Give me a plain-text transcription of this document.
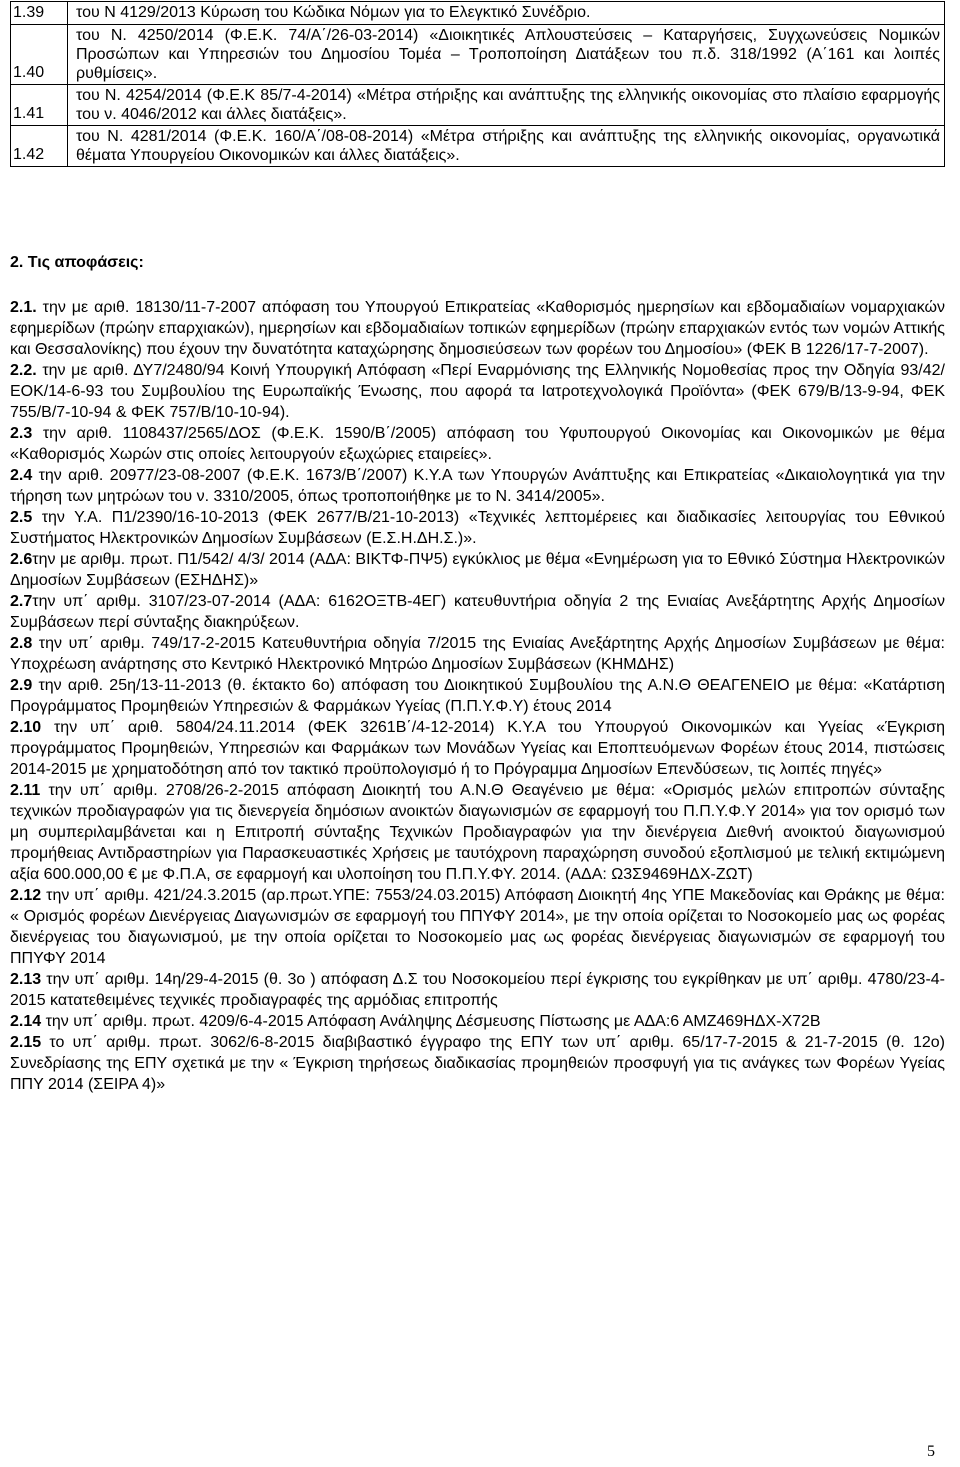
1.39	του Ν 4129/2013 Κύρωση του Κώδικα Νόμων για το Ελεγκτικό Συνέδριο.
1.40	του Ν. 4250/2014 (Φ.Ε.Κ. 74/Α΄/26-03-2014) «Διοικητικές Απλουστεύσεις – Καταργήσεις, Συγχωνεύσεις Νομικών Προσώπων και Υπηρεσιών του Δημοσίου Τομέα – Τροποποίηση Διατάξεων του π.δ. 318/1992 (Α΄161 και λοιπές ρυθμίσεις».
1.41	του Ν. 4254/2014 (Φ.Ε.Κ 85/7-4-2014) «Μέτρα στήριξης και ανάπτυξης της ελληνικής οικονομίας στο πλαίσιο εφαρμογής του ν. 4046/2012 και άλλες διατάξεις».
1.42	του Ν. 4281/2014 (Φ.Ε.Κ. 160/Α΄/08-08-2014) «Μέτρα στήριξης και ανάπτυξης της ελληνικής οικονομίας, οργανωτικά θέματα Υπουργείου Οικονομικών και άλλες διατάξεις».

2. Τις αποφάσεις:

2.1. την με αριθ. 18130/11-7-2007 απόφαση του Υπουργού Επικρατείας «Καθορισμός ημερησίων και εβδομαδιαίων νομαρχιακών εφημερίδων (πρώην επαρχιακών), ημερησίων και εβδομαδιαίων τοπικών εφημερίδων (πρώην επαρχιακών εντός των νομών Αττικής και Θεσσαλονίκης) που έχουν την δυνατότητα καταχώρησης δημοσιεύσεων των φορέων του Δημοσίου» (ΦΕΚ Β 1226/17-7-2007).

2.2. την με αριθ. ΔΥ7/2480/94 Κοινή Υπουργική Απόφαση «Περί Εναρμόνισης της Ελληνικής Νομοθεσίας προς την Οδηγία 93/42/ΕΟΚ/14-6-93 του Συμβουλίου της Ευρωπαϊκής Ένωσης, που αφορά τα Ιατροτεχνολογικά Προϊόντα» (ΦΕΚ 679/Β/13-9-94, ΦΕΚ 755/Β/7-10-94 & ΦΕΚ 757/Β/10-10-94).

2.3 την αριθ. 1108437/2565/ΔΟΣ (Φ.Ε.Κ. 1590/Β΄/2005) απόφαση του Υφυπουργού Οικονομίας και Οικονομικών με θέμα «Καθορισμός Χωρών στις οποίες λειτουργούν εξωχώριες εταιρείες».

2.4 την αριθ. 20977/23-08-2007 (Φ.Ε.Κ. 1673/Β΄/2007) Κ.Υ.Α των Υπουργών Ανάπτυξης και Επικρατείας «Δικαιολογητικά για την τήρηση των μητρώων του ν. 3310/2005, όπως τροποποιήθηκε με το Ν. 3414/2005».

2.5 την Υ.Α. Π1/2390/16-10-2013 (ΦΕΚ 2677/Β/21-10-2013) «Τεχνικές λεπτομέρειες και διαδικασίες λειτουργίας του Εθνικού Συστήματος Ηλεκτρονικών Δημοσίων Συμβάσεων (Ε.Σ.Η.ΔΗ.Σ.)».

2.6την με αριθμ. πρωτ. Π1/542/ 4/3/ 2014 (ΑΔΑ: ΒΙΚΤΦ-ΠΨ5) εγκύκλιος με θέμα «Ενημέρωση για το Εθνικό Σύστημα Ηλεκτρονικών Δημοσίων Συμβάσεων (ΕΣΗΔΗΣ)»

2.7την υπ΄ αριθμ. 3107/23-07-2014 (ΑΔΑ: 6162ΟΞΤΒ-4ΕΓ) κατευθυντήρια οδηγία 2 της Ενιαίας Ανεξάρτητης Αρχής Δημοσίων Συμβάσεων περί σύνταξης διακηρύξεων.

2.8 την υπ΄ αριθμ. 749/17-2-2015 Κατευθυντήρια οδηγία 7/2015 της Ενιαίας Ανεξάρτητης Αρχής Δημοσίων Συμβάσεων με θέμα: Υποχρέωση ανάρτησης στο Κεντρικό Ηλεκτρονικό Μητρώο Δημοσίων Συμβάσεων (ΚΗΜΔΗΣ)

2.9 την αριθ. 25η/13-11-2013 (θ. έκτακτο 6ο) απόφαση του Διοικητικού Συμβουλίου της Α.Ν.Θ ΘΕΑΓΕΝΕΙΟ με θέμα: «Κατάρτιση Προγράμματος Προμηθειών Υπηρεσιών & Φαρμάκων Υγείας (Π.Π.Υ.Φ.Υ) έτους 2014

2.10 την υπ΄ αριθ. 5804/24.11.2014 (ΦΕΚ 3261Β΄/4-12-2014) Κ.Υ.Α του Υπουργού Οικονομικών και Υγείας «Έγκριση προγράμματος Προμηθειών, Υπηρεσιών και Φαρμάκων των Μονάδων Υγείας και Εποπτευόμενων Φορέων έτους 2014, πιστώσεις 2014-2015 με χρηματοδότηση από τον τακτικό προϋπολογισμό ή το Πρόγραμμα Δημοσίων Επενδύσεων, τις λοιπές πηγές»

2.11 την υπ΄ αριθμ. 2708/26-2-2015 απόφαση Διοικητή του Α.Ν.Θ Θεαγένειο με θέμα: «Ορισμός μελών επιτροπών σύνταξης τεχνικών προδιαγραφών για τις διενεργεία δημόσιων ανοικτών διαγωνισμών σε εφαρμογή του Π.Π.Υ.Φ.Υ 2014» για τον ορισμό των μη συμπεριλαμβάνεται και η Επιτροπή σύνταξης Τεχνικών Προδιαγραφών για την διενέργεια Διεθνή ανοικτού διαγωνισμού προμήθειας Αντιδραστηρίων για Παρασκευαστικές Χρήσεις με ταυτόχρονη παραχώρηση συνοδού εξοπλισμού με τελική εκτιμώμενη αξία 600.000,00 € με Φ.Π.Α, σε εφαρμογή και υλοποίηση του Π.Π.Υ.ΦΥ. 2014. (ΑΔΑ: Ω3Σ9469ΗΔΧ-ΖΩΤ)

2.12 την υπ΄ αριθμ. 421/24.3.2015 (αρ.πρωτ.ΥΠΕ: 7553/24.03.2015) Απόφαση Διοικητή 4ης ΥΠΕ Μακεδονίας και Θράκης με θέμα: « Ορισμός φορέων Διενέργειας Διαγωνισμών σε εφαρμογή του ΠΠΥΦΥ 2014», με την οποία ορίζεται το Νοσοκομείο μας ως φορέας διενέργειας του διαγωνισμού, με την οποία ορίζεται το Νοσοκομείο μας ως φορέας διενέργειας διαγωνισμών σε εφαρμογή του ΠΠΥΦΥ 2014

2.13 την υπ΄ αριθμ. 14η/29-4-2015 (θ. 3ο ) απόφαση Δ.Σ του Νοσοκομείου περί έγκρισης του εγκρίθηκαν με υπ΄ αριθμ. 4780/23-4-2015 κατατεθειμένες τεχνικές προδιαγραφές της αρμόδιας επιτροπής

2.14 την υπ΄ αριθμ. πρωτ. 4209/6-4-2015 Απόφαση Ανάληψης Δέσμευσης Πίστωσης με ΑΔΑ:6 ΑΜΖ469ΗΔΧ-Χ72Β

2.15 το υπ΄ αριθμ. πρωτ. 3062/6-8-2015 διαβιβαστικό έγγραφο της ΕΠΥ των υπ΄ αριθμ. 65/17-7-2015 & 21-7-2015 (θ. 12ο) Συνεδρίασης της ΕΠΥ σχετικά με την « Έγκριση τηρήσεως διαδικασίας προμηθειών προσφυγή για τις ανάγκες των Φορέων Υγείας ΠΠΥ 2014 (ΣΕΙΡΑ 4)»

5
